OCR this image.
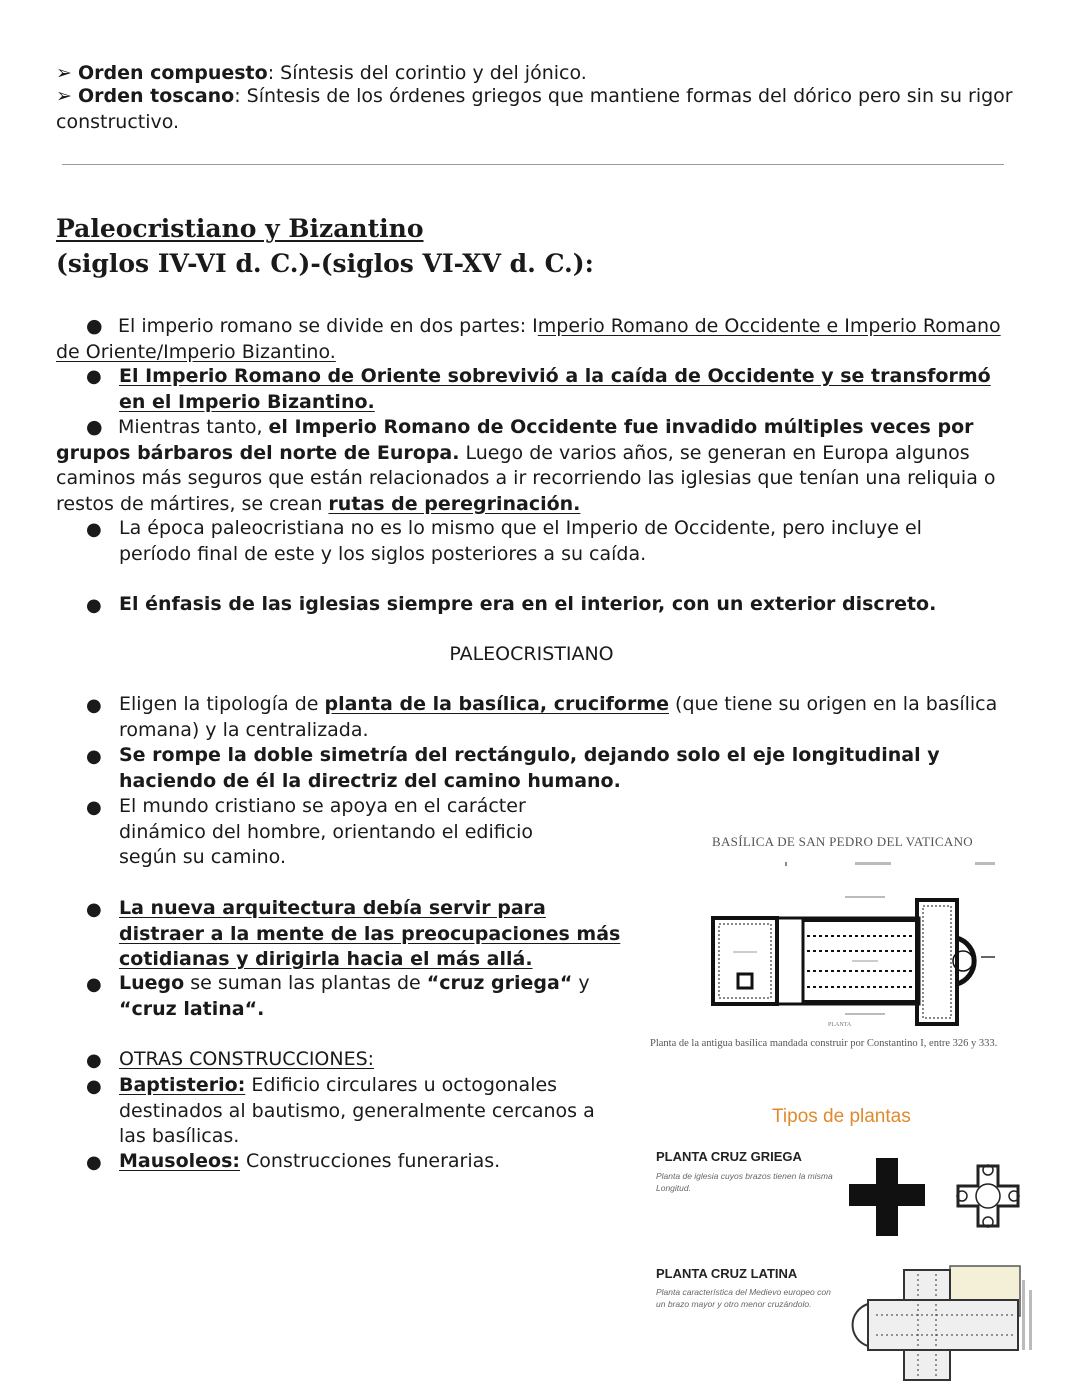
➢ Orden compuesto: Síntesis del corintio y del jónico.
➢ Orden toscano: Síntesis de los órdenes griegos que mantiene formas del dórico pero sin su rigor constructivo.
Paleocristiano y Bizantino
(siglos IV-VI d. C.)-(siglos VI-XV d. C.):
● El imperio romano se divide en dos partes: Imperio Romano de Occidente e Imperio Romano de Oriente/Imperio Bizantino.
● El Imperio Romano de Oriente sobrevivió a la caída de Occidente y se transformó en el Imperio Bizantino.
● Mientras tanto, el Imperio Romano de Occidente fue invadido múltiples veces por grupos bárbaros del norte de Europa. Luego de varios años, se generan en Europa algunos caminos más seguros que están relacionados a ir recorriendo las iglesias que tenían una reliquia o restos de mártires, se crean rutas de peregrinación.
● La época paleocristiana no es lo mismo que el Imperio de Occidente, pero incluye el período final de este y los siglos posteriores a su caída.
● El énfasis de las iglesias siempre era en el interior, con un exterior discreto.
PALEOCRISTIANO
● Eligen la tipología de planta de la basílica, cruciforme (que tiene su origen en la basílica romana) y la centralizada.
● Se rompe la doble simetría del rectángulo, dejando solo el eje longitudinal y haciendo de él la directriz del camino humano.
● El mundo cristiano se apoya en el carácter dinámico del hombre, orientando el edificio según su camino.
● La nueva arquitectura debía servir para distraer a la mente de las preocupaciones más cotidianas y dirigirla hacia el más allá.
● Luego se suman las plantas de “cruz griega“ y “cruz latina“.
● OTRAS CONSTRUCCIONES:
● Baptisterio: Edificio circulares u octogonales destinados al bautismo, generalmente cercanos a las basílicas.
● Mausoleos: Construcciones funerarias.
BASÍLICA DE SAN PEDRO DEL VATICANO
PLANTA
Planta de la antigua basílica mandada construir por Constantino I, entre 326 y 333.
Tipos de plantas
PLANTA CRUZ GRIEGA
Planta de iglesia cuyos brazos tienen la misma Longitud.
PLANTA CRUZ LATINA
Planta característica del Medievo europeo con un brazo mayor y otro menor cruzándolo.
